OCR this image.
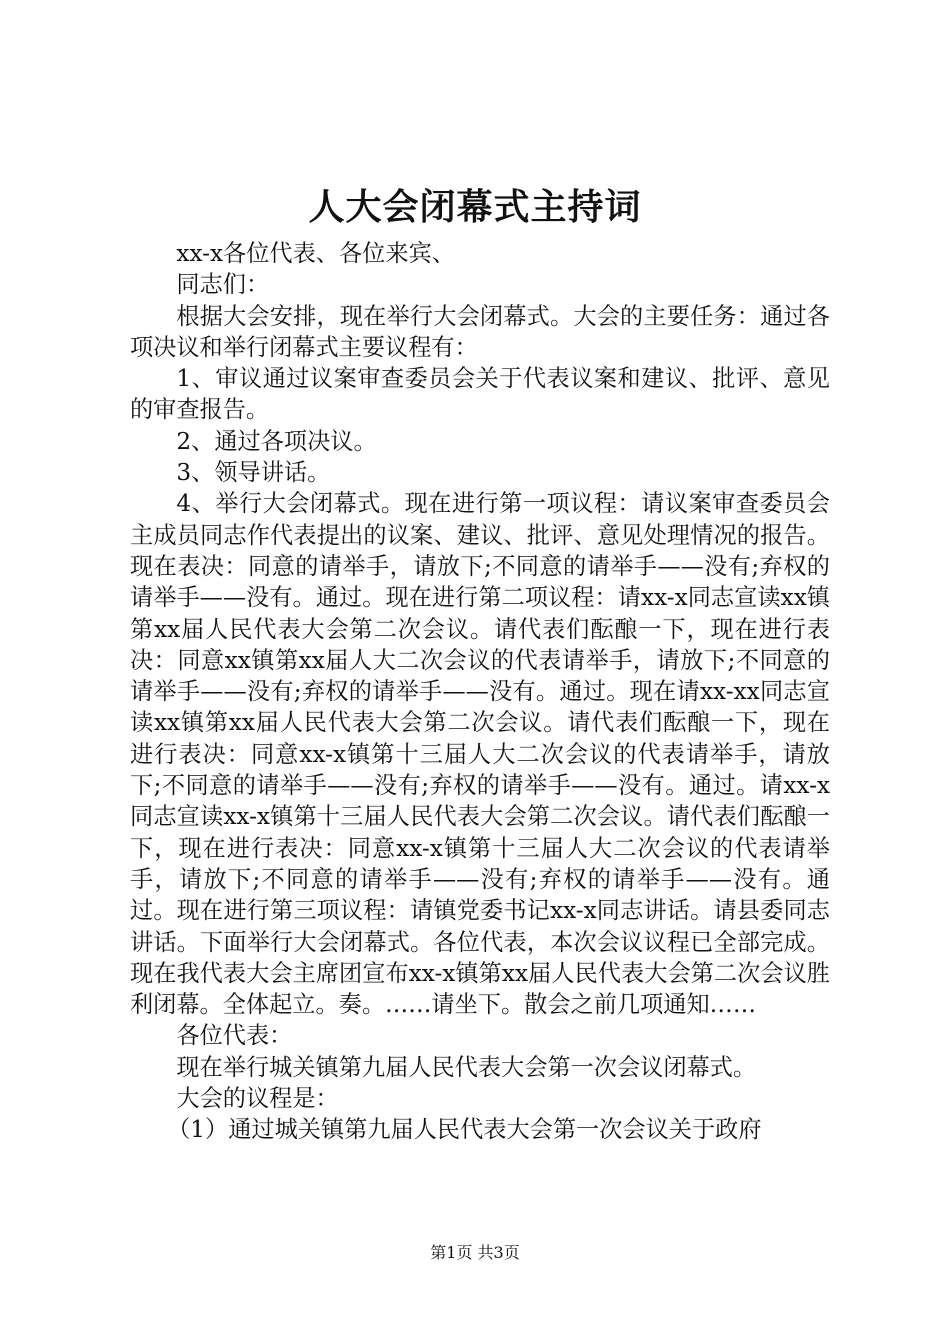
人大会闭幕式主持词

xx-x各位代表、各位来宾、

同志们：

根据大会安排，现在举行大会闭幕式。大会的主要任务：通过各项决议和举行闭幕式主要议程有：

1、审议通过议案审查委员会关于代表议案和建议、批评、意见的审查报告。

2、通过各项决议。

3、领导讲话。

4、举行大会闭幕式。现在进行第一项议程：请议案审查委员会主成员同志作代表提出的议案、建议、批评、意见处理情况的报告。现在表决：同意的请举手，请放下;不同意的请举手——没有;弃权的请举手——没有。通过。现在进行第二项议程：请xx-x同志宣读xx镇第xx届人民代表大会第二次会议。请代表们酝酿一下，现在进行表决：同意xx镇第xx届人大二次会议的代表请举手，请放下;不同意的请举手——没有;弃权的请举手——没有。通过。现在请xx-xx同志宣读xx镇第xx届人民代表大会第二次会议。请代表们酝酿一下，现在进行表决：同意xx-x镇第十三届人大二次会议的代表请举手，请放下;不同意的请举手——没有;弃权的请举手——没有。通过。请xx-x同志宣读xx-x镇第十三届人民代表大会第二次会议。请代表们酝酿一下，现在进行表决：同意xx-x镇第十三届人大二次会议的代表请举手，请放下;不同意的请举手——没有;弃权的请举手——没有。通过。现在进行第三项议程：请镇党委书记xx-x同志讲话。请县委同志讲话。下面举行大会闭幕式。各位代表，本次会议议程已全部完成。现在我代表大会主席团宣布xx-x镇第xx届人民代表大会第二次会议胜利闭幕。全体起立。奏。……请坐下。散会之前几项通知……

各位代表：

现在举行城关镇第九届人民代表大会第一次会议闭幕式。

大会的议程是：

（1）通过城关镇第九届人民代表大会第一次会议关于政府

第1页 共3页
